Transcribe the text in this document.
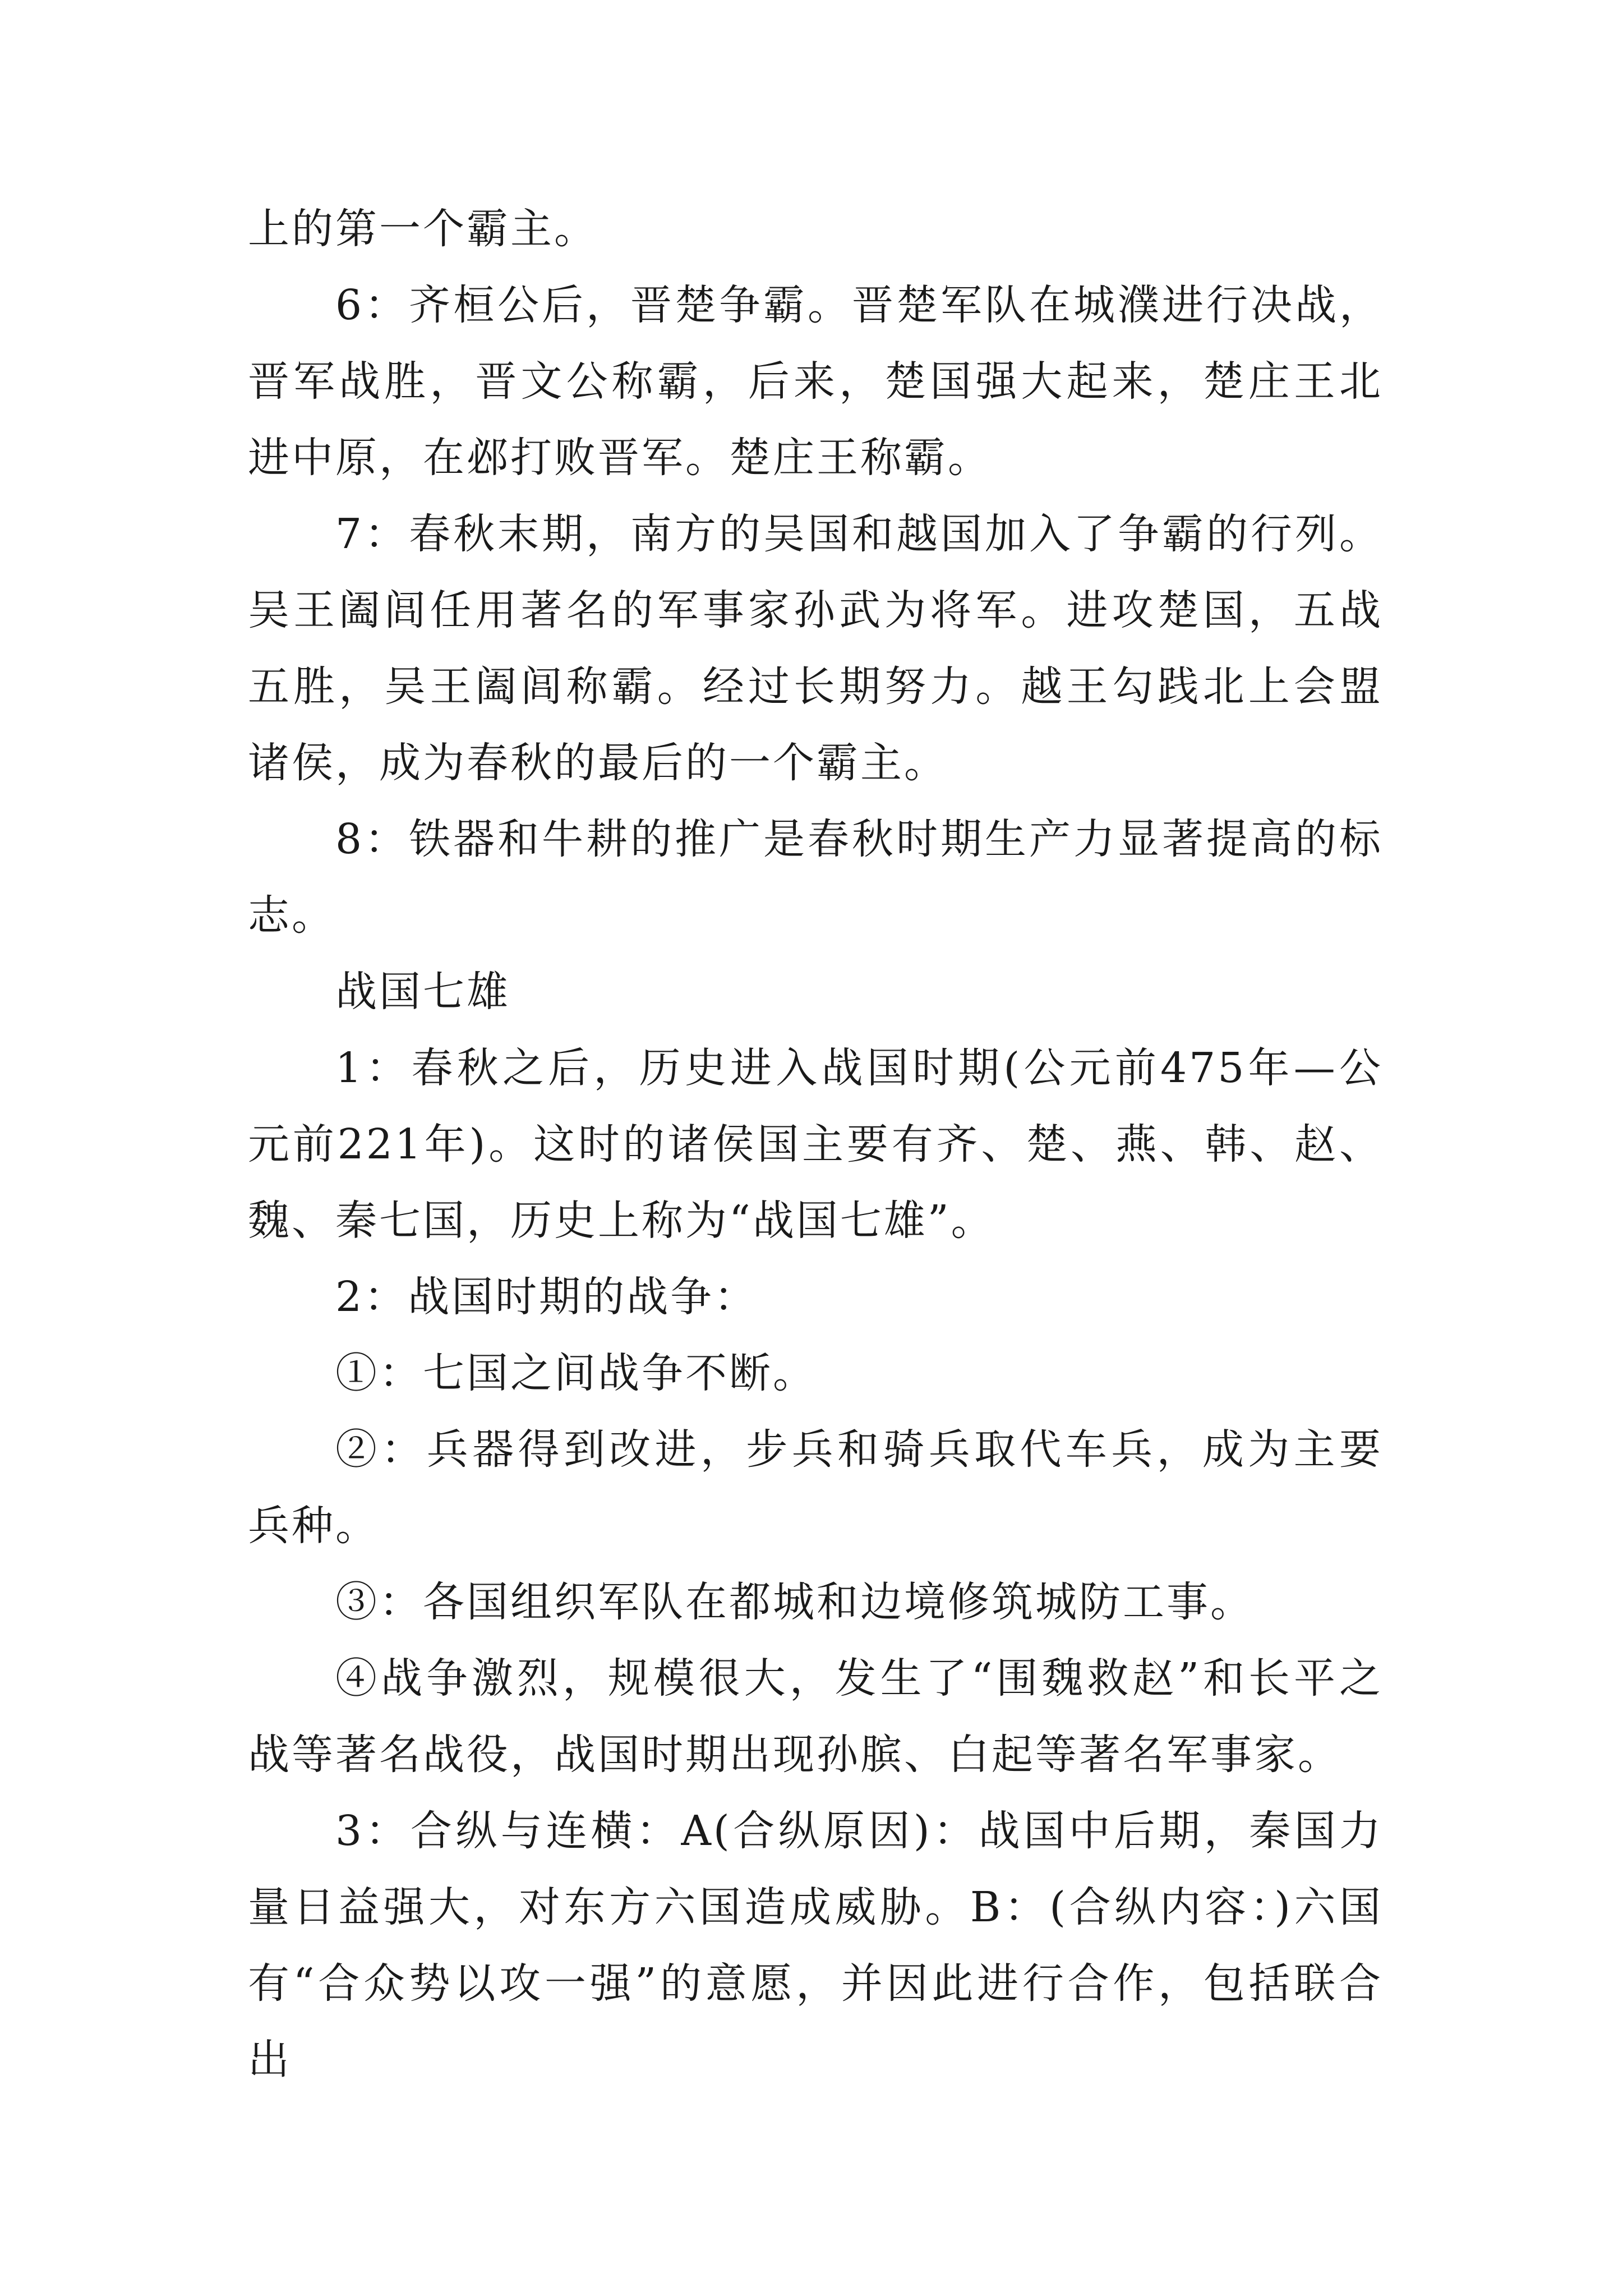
上的第一个霸主。

6：齐桓公后，晋楚争霸。晋楚军队在城濮进行决战，晋军战胜，晋文公称霸，后来，楚国强大起来，楚庄王北进中原，在邲打败晋军。楚庄王称霸。

7：春秋末期，南方的吴国和越国加入了争霸的行列。吴王阖闾任用著名的军事家孙武为将军。进攻楚国，五战五胜，吴王阖闾称霸。经过长期努力。越王勾践北上会盟诸侯，成为春秋的最后的一个霸主。

8：铁器和牛耕的推广是春秋时期生产力显著提高的标志。

战国七雄

1：春秋之后，历史进入战国时期(公元前475年—公元前221年)。这时的诸侯国主要有齐、楚、燕、韩、赵、魏、秦七国，历史上称为“战国七雄”。

2：战国时期的战争：

①：七国之间战争不断。

②：兵器得到改进，步兵和骑兵取代车兵，成为主要兵种。

③：各国组织军队在都城和边境修筑城防工事。

④战争激烈，规模很大，发生了“围魏救赵”和长平之战等著名战役，战国时期出现孙膑、白起等著名军事家。

3：合纵与连横：A(合纵原因)：战国中后期，秦国力量日益强大，对东方六国造成威胁。B：(合纵内容：)六国有“合众势以攻一强”的意愿，并因此进行合作，包括联合出
